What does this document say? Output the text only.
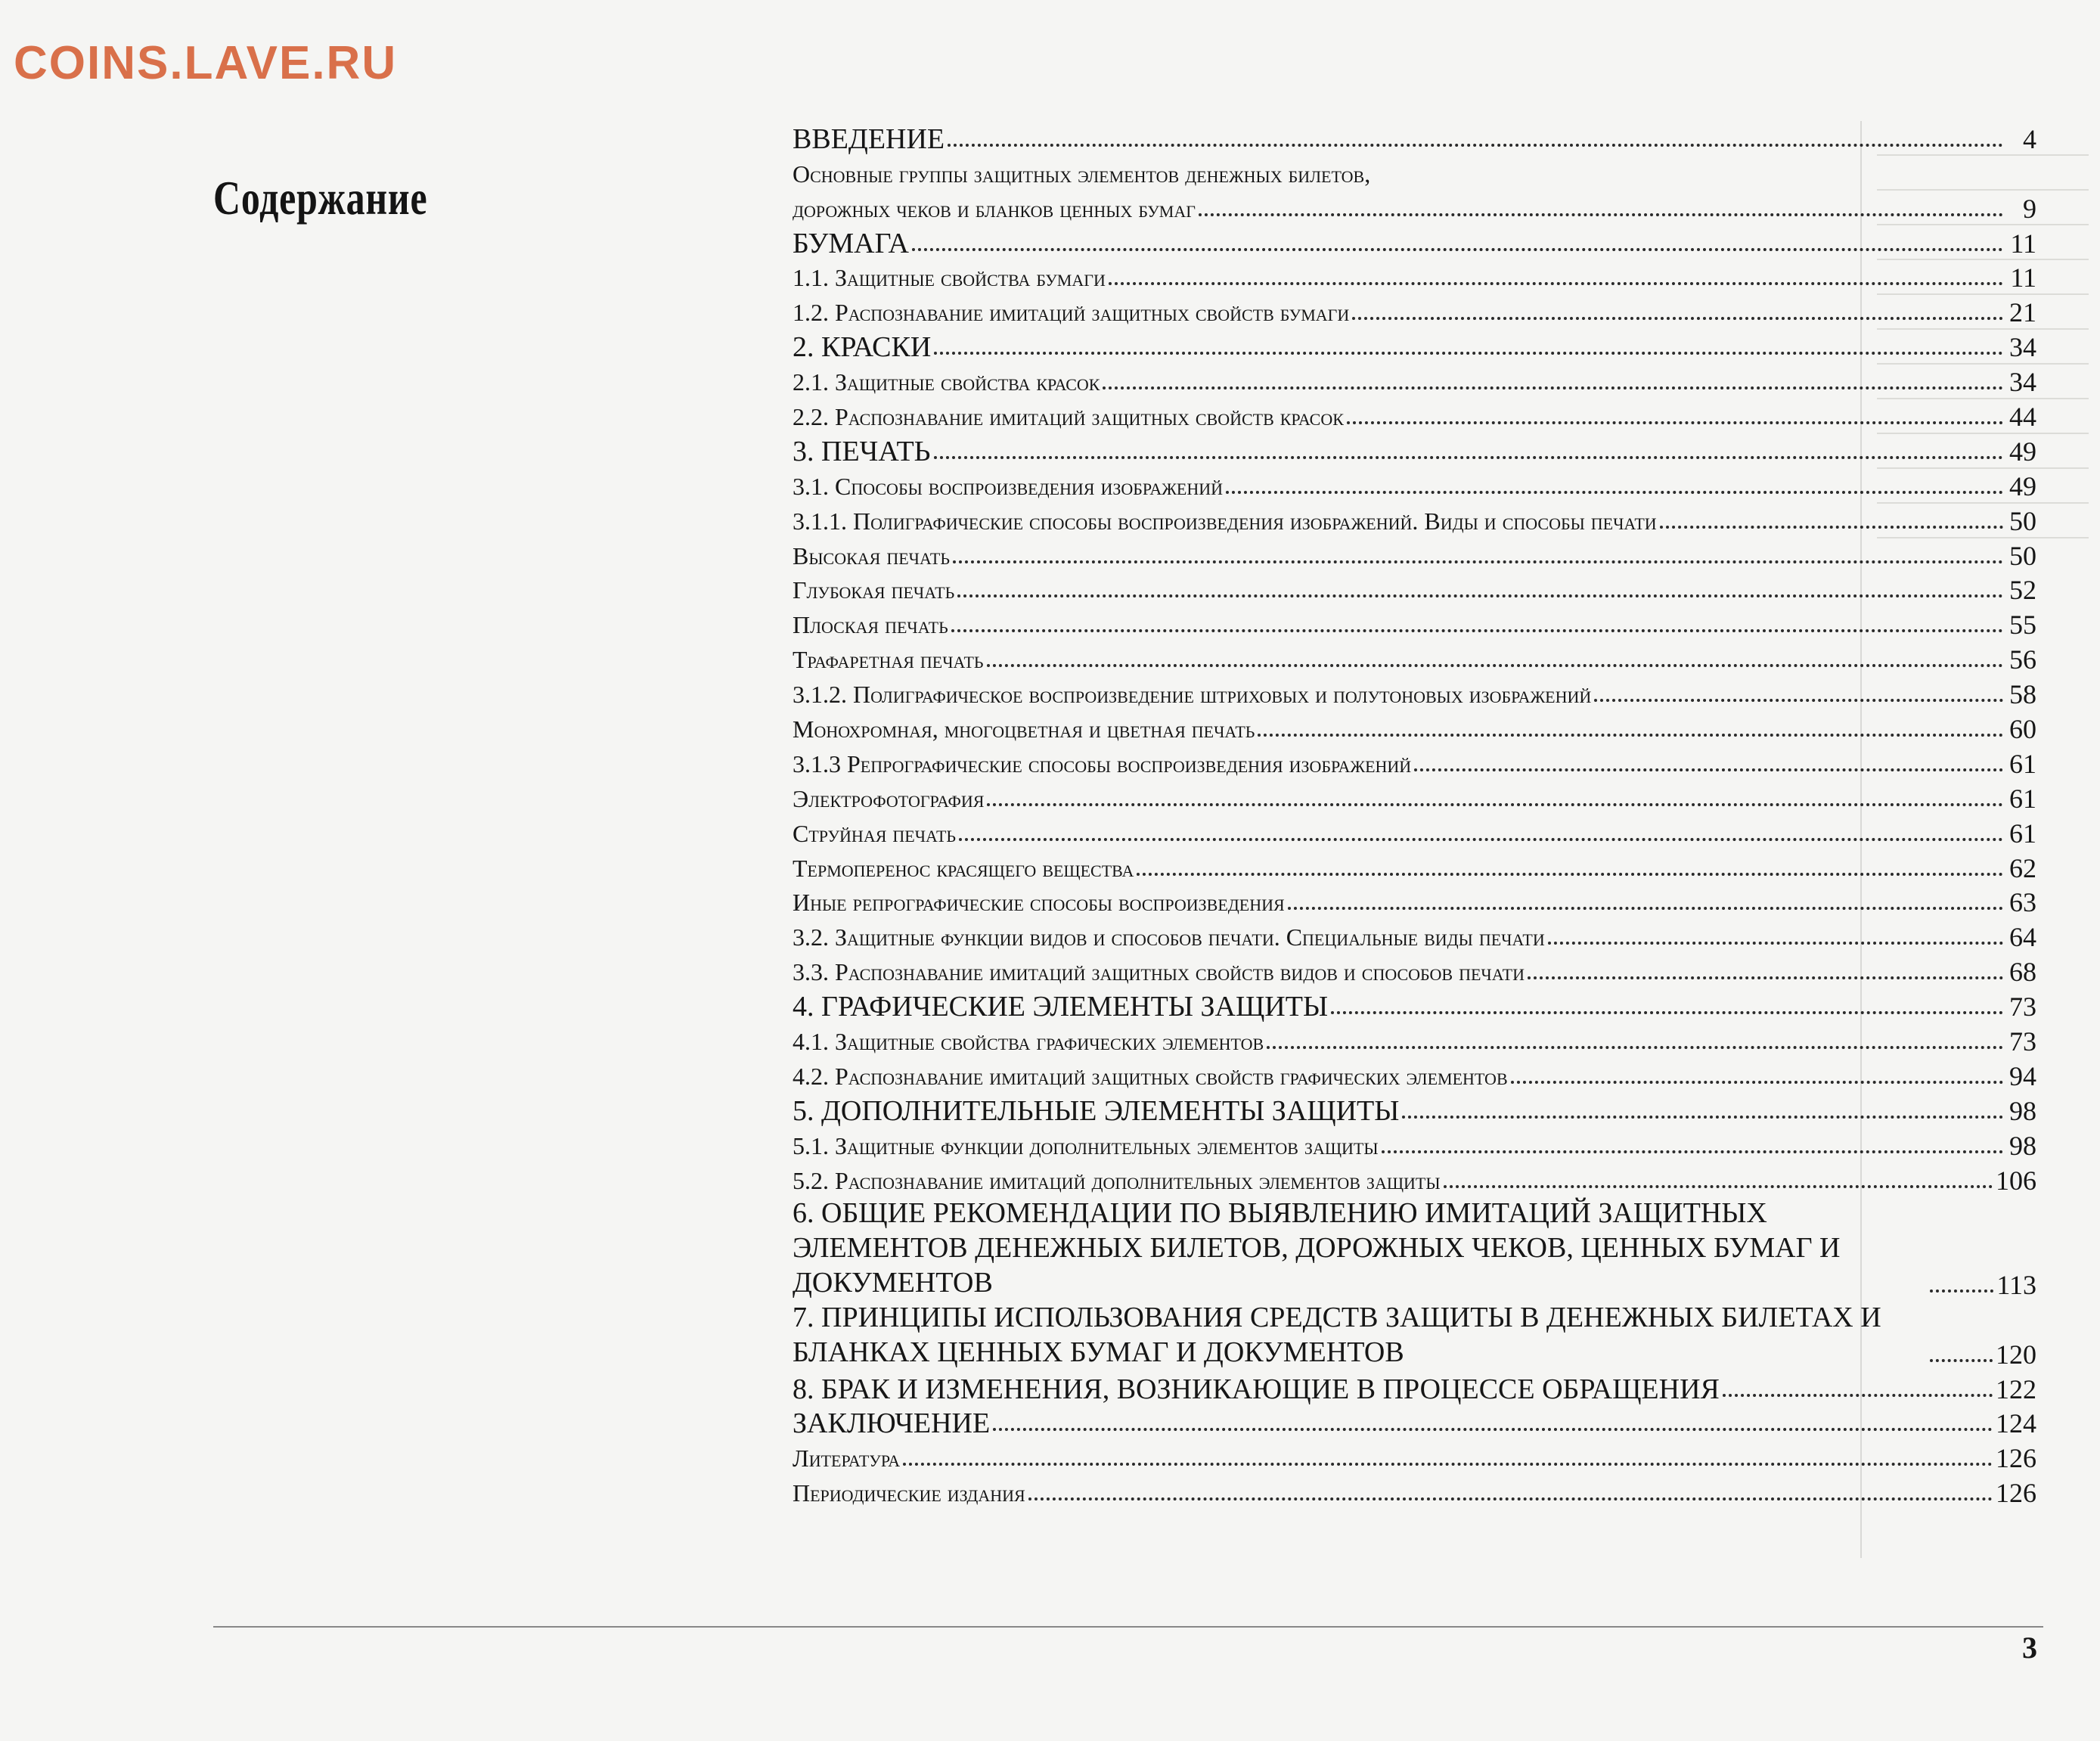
COINS.LAVE.RU
Содержание
ВВЕДЕНИЕ	4
Основные группы защитных элементов денежных билетов,
дорожных чеков и бланков ценных бумаг	9
БУМАГА	11
1.1. Защитные свойства бумаги	11
1.2. Распознавание имитаций защитных свойств бумаги	21
2. КРАСКИ	34
2.1. Защитные свойства красок	34
2.2. Распознавание имитаций защитных свойств красок	44
3. ПЕЧАТЬ	49
3.1. Способы воспроизведения изображений	49
3.1.1. Полиграфические способы воспроизведения изображений. Виды и способы печати	50
Высокая печать	50
Глубокая печать	52
Плоская печать	55
Трафаретная печать	56
3.1.2. Полиграфическое воспроизведение штриховых и полутоновых изображений	58
Монохромная, многоцветная и цветная печать	60
3.1.3 Репрографические способы воспроизведения изображений	61
Электрофотография	61
Струйная печать	61
Термоперенос красящего вещества	62
Иные репрографические способы воспроизведения	63
3.2. Защитные функции видов и способов печати. Специальные виды печати	64
3.3. Распознавание имитаций защитных свойств видов и способов печати	68
4. ГРАФИЧЕСКИЕ ЭЛЕМЕНТЫ ЗАЩИТЫ	73
4.1. Защитные свойства графических элементов	73
4.2. Распознавание имитаций защитных свойств графических элементов	94
5. ДОПОЛНИТЕЛЬНЫЕ ЭЛЕМЕНТЫ ЗАЩИТЫ	98
5.1. Защитные функции дополнительных элементов защиты	98
5.2. Распознавание имитаций дополнительных элементов защиты	106
6. ОБЩИЕ РЕКОМЕНДАЦИИ ПО ВЫЯВЛЕНИЮ ИМИТАЦИЙ ЗАЩИТНЫХ ЭЛЕМЕНТОВ ДЕНЕЖНЫХ БИЛЕТОВ, ДОРОЖНЫХ ЧЕКОВ, ЦЕННЫХ БУМАГ И ДОКУМЕНТОВ	113
7. ПРИНЦИПЫ ИСПОЛЬЗОВАНИЯ СРЕДСТВ ЗАЩИТЫ В ДЕНЕЖНЫХ БИЛЕТАХ И БЛАНКАХ ЦЕННЫХ БУМАГ И ДОКУМЕНТОВ	120
8. БРАК И ИЗМЕНЕНИЯ, ВОЗНИКАЮЩИЕ В ПРОЦЕССЕ ОБРАЩЕНИЯ	122
ЗАКЛЮЧЕНИЕ	124
Литература	126
Периодические издания	126
3
